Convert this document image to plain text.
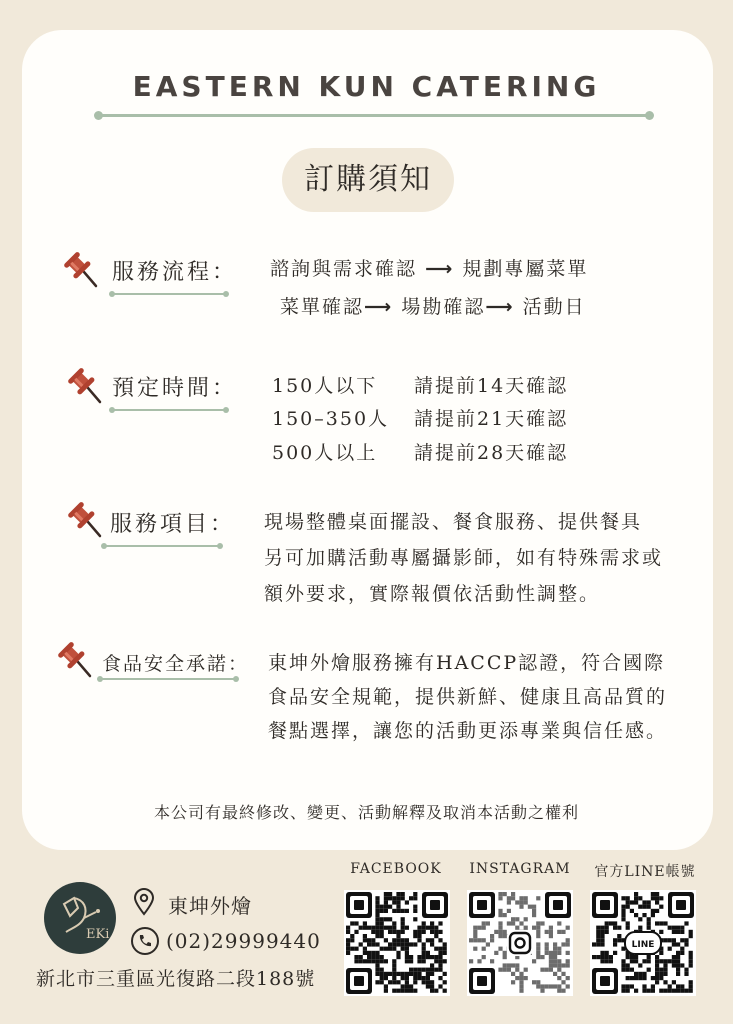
EASTERN KUN CATERING
訂購須知
服務流程： 諮詢與需求確認 ⟶ 規劃專屬菜單
菜單確認⟶ 場勘確認⟶ 活動日
預定時間： 150人以下 請提前14天確認
150–350人 請提前21天確認
500人以上 請提前28天確認
服務項目： 現場整體桌面擺設、餐食服務、提供餐具
另可加購活動專屬攝影師，如有特殊需求或
額外要求，實際報價依活動性調整。
食品安全承諾： 東坤外燴服務擁有HACCP認證，符合國際
食品安全規範，提供新鮮、健康且高品質的
餐點選擇，讓您的活動更添專業與信任感。
本公司有最終修改、變更、活動解釋及取消本活動之權利
EKi
東坤外燴
(02)29999440
新北市三重區光復路二段188號
FACEBOOK	INSTAGRAM	官方LINE帳號
LINE
